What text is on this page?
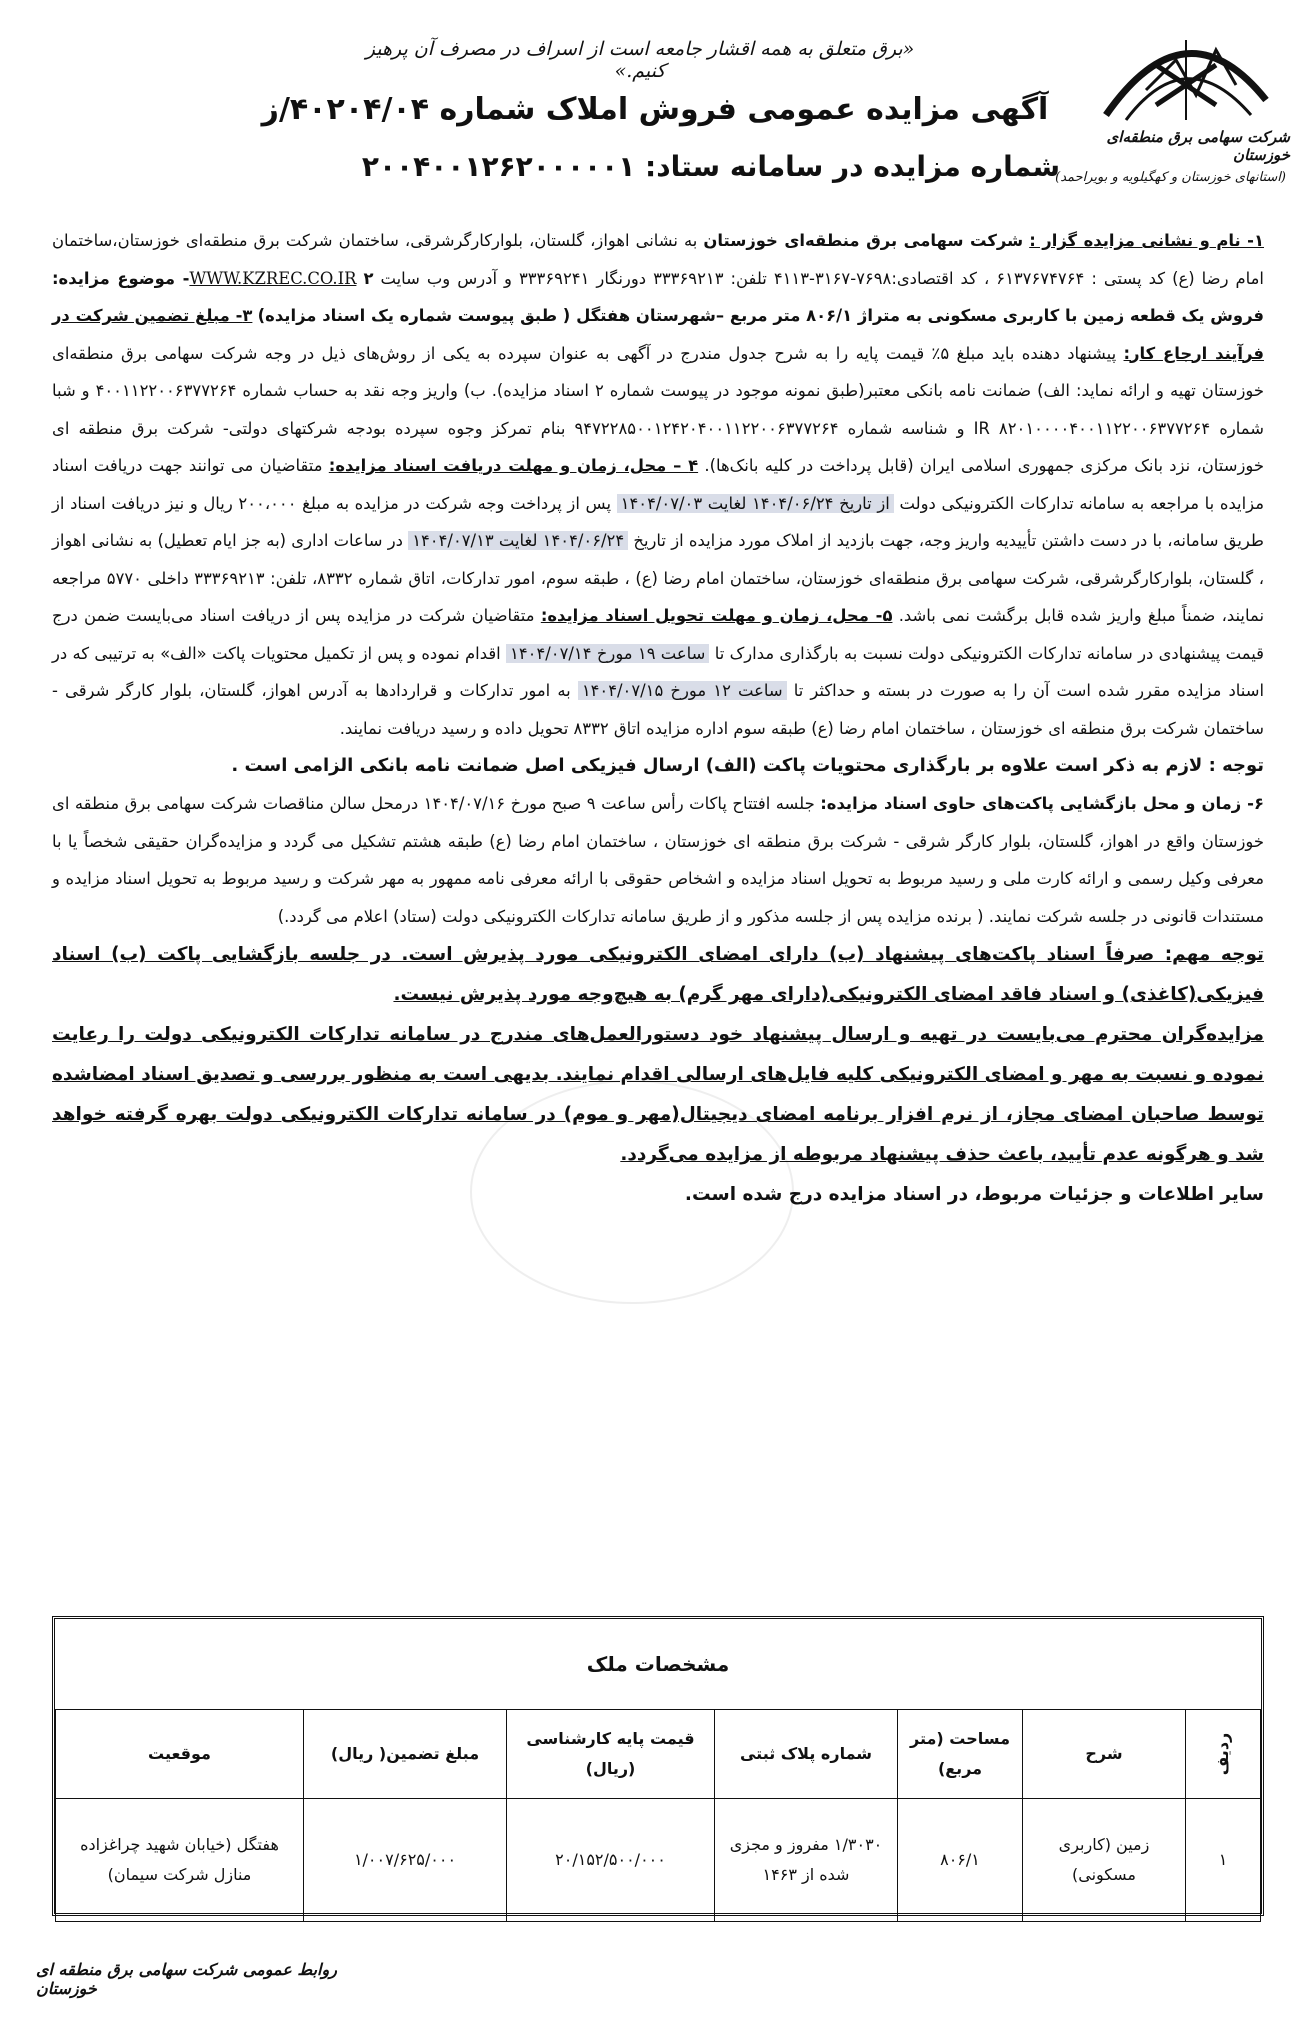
«برق متعلق به همه اقشار جامعه است از اسراف در مصرف آن پرهیز کنیم.»
آگهی مزایده عمومی فروش املاک شماره ۴۰۲۰۴/۰۴/ز
شماره مزایده در سامانه ستاد: ۲۰۰۴۰۰۱۲۶۲۰۰۰۰۰۱
شرکت سهامی برق منطقه‌ای خوزستان
(استانهای خوزستان و کهگیلویه و بویراحمد)

۱- نام و نشانی مزایده گزار : شرکت سهامی برق منطقه‌ای خوزستان به نشانی اهواز، گلستان، بلوارکارگرشرقی، ساختمان شرکت برق منطقه‌ای خوزستان،ساختمان امام رضا (ع) کد پستی : ۶۱۳۷۶۷۴۷۶۴ ، کد اقتصادی:۷۶۹۸-۳۱۶۷-۴۱۱۳ تلفن: ۳۳۳۶۹۲۱۳ دورنگار ۳۳۳۶۹۲۴۱ و آدرس وب سایت WWW.KZREC.CO.IR ۲- موضوع مزایده: فروش یک قطعه زمین با کاربری مسکونی به متراژ ۸۰۶/۱ متر مربع –شهرستان هفتگل ( طبق پیوست شماره یک اسناد مزایده) ۳- مبلغ تضمین شرکت در فرآیند ارجاع کار: پیشنهاد دهنده باید مبلغ ۵٪ قیمت پایه را به شرح جدول مندرج در آگهی به عنوان سپرده به یکی از روش‌های ذیل در وجه شرکت سهامی برق منطقه‌ای خوزستان تهیه و ارائه نماید: الف) ضمانت نامه بانکی معتبر(طبق نمونه موجود در پیوست شماره ۲ اسناد مزایده). ب) واریز وجه نقد به حساب شماره ۴۰۰۱۱۲۲۰۰۶۳۷۷۲۶۴ و شبا شماره IR ۸۲۰۱۰۰۰۰۴۰۰۱۱۲۲۰۰۶۳۷۷۲۶۴ و شناسه شماره ۹۴۷۲۲۸۵۰۰۱۲۴۲۰۴۰۰۱۱۲۲۰۰۶۳۷۷۲۶۴ بنام تمرکز وجوه سپرده بودجه شرکتهای دولتی- شرکت برق منطقه ای خوزستان، نزد بانک مرکزی جمهوری اسلامی ایران (قابل پرداخت در کلیه بانک‌ها). ۴ – محل، زمان و مهلت دریافت اسناد مزایده: متقاضیان می توانند جهت دریافت اسناد مزایده با مراجعه به سامانه تدارکات الکترونیکی دولت از تاریخ ۱۴۰۴/۰۶/۲۴ لغایت ۱۴۰۴/۰۷/۰۳ پس از پرداخت وجه شرکت در مزایده به مبلغ ۲۰۰،۰۰۰ ریال و نیز دریافت اسناد از طریق سامانه، با در دست داشتن تأییدیه واریز وجه، جهت بازدید از املاک مورد مزایده از تاریخ ۱۴۰۴/۰۶/۲۴ لغایت ۱۴۰۴/۰۷/۱۳ در ساعات اداری (به جز ایام تعطیل) به نشانی اهواز ، گلستان، بلوارکارگرشرقی، شرکت سهامی برق منطقه‌ای خوزستان، ساختمان امام رضا (ع) ، طبقه سوم، امور تدارکات، اتاق شماره ۸۳۳۲، تلفن: ۳۳۳۶۹۲۱۳ داخلی ۵۷۷۰ مراجعه نمایند، ضمناً مبلغ واریز شده قابل برگشت نمی باشد. ۵- محل، زمان و مهلت تحویل اسناد مزایده: متقاضیان شرکت در مزایده پس از دریافت اسناد می‌بایست ضمن درج قیمت پیشنهادی در سامانه تدارکات الکترونیکی دولت نسبت به بارگذاری مدارک تا ساعت ۱۹ مورخ ۱۴۰۴/۰۷/۱۴ اقدام نموده و پس از تکمیل محتویات پاکت «الف» به ترتیبی که در اسناد مزایده مقرر شده است آن را به صورت در بسته و حداکثر تا ساعت ۱۲ مورخ ۱۴۰۴/۰۷/۱۵ به امور تدارکات و قراردادها به آدرس اهواز، گلستان، بلوار کارگر شرقی - ساختمان شرکت برق منطقه ای خوزستان ، ساختمان امام رضا (ع) طبقه سوم اداره مزایده اتاق ۸۳۳۲ تحویل داده و رسید دریافت نمایند.

توجه : لازم به ذکر است علاوه بر بارگذاری محتویات پاکت (الف) ارسال فیزیکی اصل ضمانت نامه بانکی الزامی است .

۶- زمان و محل بازگشایی پاکت‌های حاوی اسناد مزایده: جلسه افتتاح پاکات رأس ساعت ۹ صبح مورخ ۱۴۰۴/۰۷/۱۶ درمحل سالن مناقصات شرکت سهامی برق منطقه ای خوزستان واقع در اهواز، گلستان، بلوار کارگر شرقی - شرکت برق منطقه ای خوزستان ، ساختمان امام رضا (ع) طبقه هشتم تشکیل می گردد و مزایده‌گران حقیقی شخصاً یا با معرفی وکیل رسمی و ارائه کارت ملی و رسید مربوط به تحویل اسناد مزایده و اشخاص حقوقی با ارائه معرفی نامه ممهور به مهر شرکت و رسید مربوط به تحویل اسناد مزایده و مستندات قانونی در جلسه شرکت نمایند. ( برنده مزایده پس از جلسه مذکور و از طریق سامانه تدارکات الکترونیکی دولت (ستاد) اعلام می گردد.)

توجه مهم: صرفاً اسناد پاکت‌های پیشنهاد (ب) دارای امضای الکترونیکی مورد پذیرش است. در جلسه بازگشایی پاکت (ب) اسناد فیزیکی(کاغذی) و اسناد فاقد امضای الکترونیکی(دارای مهر گرم) به هیچ‌وجه مورد پذیرش نیست.

مزایده‌گران محترم می‌بایست در تهیه و ارسال پیشنهاد خود دستورالعمل‌های مندرج در سامانه تدارکات الکترونیکی دولت را رعایت نموده و نسبت به مهر و امضای الکترونیکی کلیه فایل‌های ارسالی اقدام نمایند. بدیهی است به منظور بررسی و تصدیق اسناد امضاشده توسط صاحبان امضای مجاز، از نرم افزار برنامه امضای دیجیتال(مهر و موم) در سامانه تدارکات الکترونیکی دولت بهره گرفته خواهد شد و هرگونه عدم تأیید، باعث حذف پیشنهاد مربوطه از مزایده می‌گردد.

سایر اطلاعات و جزئیات مربوط، در اسناد مزایده درج شده است.

مشخصات ملک
ردیف	شرح	مساحت (متر مربع)	شماره پلاک ثبتی	قیمت پایه کارشناسی (ریال)	مبلغ تضمین( ریال)	موقعیت
۱	زمین (کاربری مسکونی)	۸۰۶/۱	۱/۳۰۳۰ مفروز و مجزی شده از ۱۴۶۳	۲۰/۱۵۲/۵۰۰/۰۰۰	۱/۰۰۷/۶۲۵/۰۰۰	هفتگل (خیابان شهید چراغزاده منازل شرکت سیمان)
روابط عمومی شرکت سهامی برق منطقه ای خوزستان
